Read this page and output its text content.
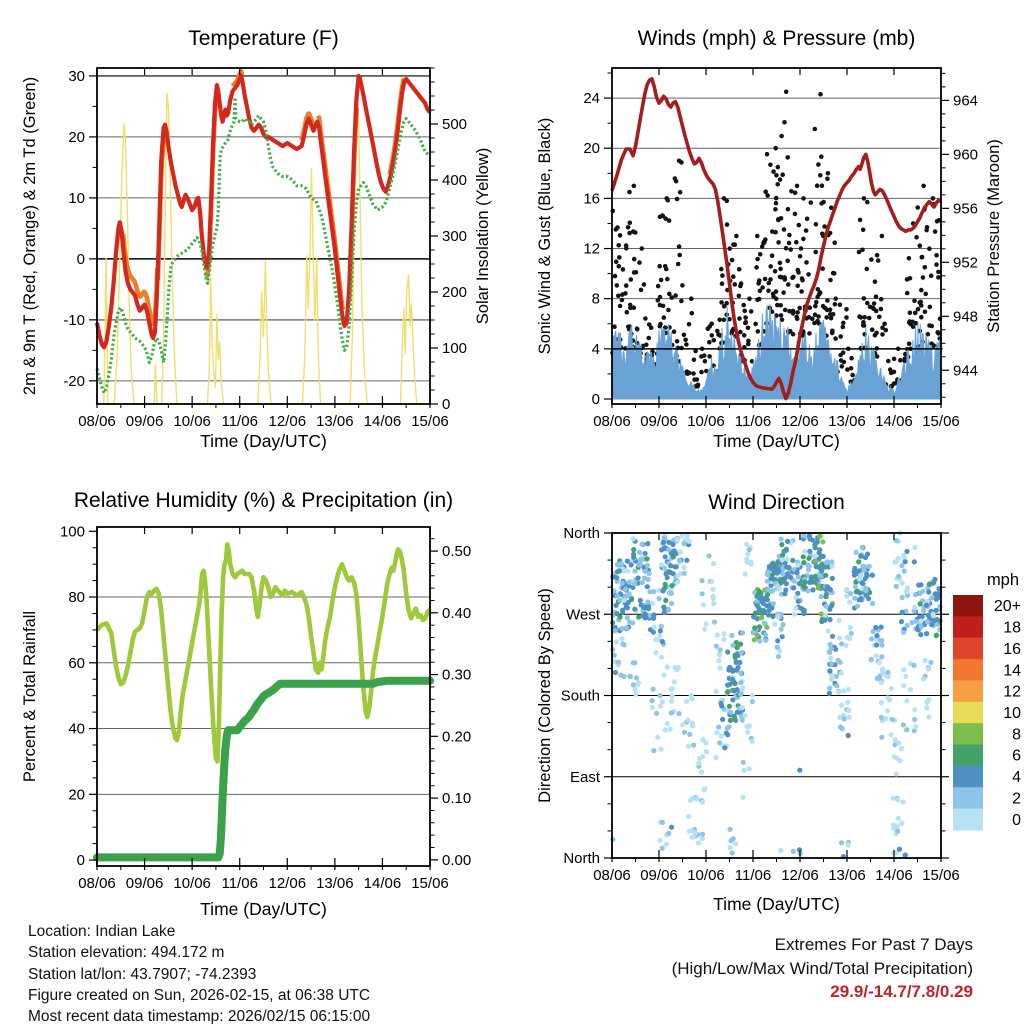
08/06 09/06 10/06 11/06 12/06 13/06 14/06 15/06
-20
-10
0
10
20
30
0
100
200
300
400
500
Temperature (F)
Time (Day/UTC)
2m & 9m T (Red, Orange) & 2m Td (Green)	Solar Insolation (Yellow)
08/06 09/06 10/06 11/06 12/06 13/06 14/06 15/06
0
4
8
12
16
20
24
944
948
952
956
960
964
Winds (mph) & Pressure (mb)
Time (Day/UTC)
Sonic Wind & Gust (Blue, Black)	Station Pressure (Maroon)
08/06 09/06 10/06 11/06 12/06 13/06 14/06 15/06
0
20
40
60
80
100
0.00
0.10
0.20
0.30
0.40
0.50
Relative Humidity (%) & Precipitation (in)
Time (Day/UTC)
Percent & Total Rainfall
08/06 09/06 10/06 11/06 12/06 13/06 14/06 15/06
North
West
South
East
North
Wind Direction
Time (Day/UTC)
Direction (Colored By Speed)
mph
20+
18
16
14
12
10
8
6
4
2
0
Location: Indian Lake
Station elevation: 494.172 m
Station lat/lon: 43.7907; -74.2393
Figure created on Sun, 2026-02-15, at 06:38 UTC
Most recent data timestamp: 2026/02/15 06:15:00
Extremes For Past 7 Days
(High/Low/Max Wind/Total Precipitation)
29.9/-14.7/7.8/0.29
